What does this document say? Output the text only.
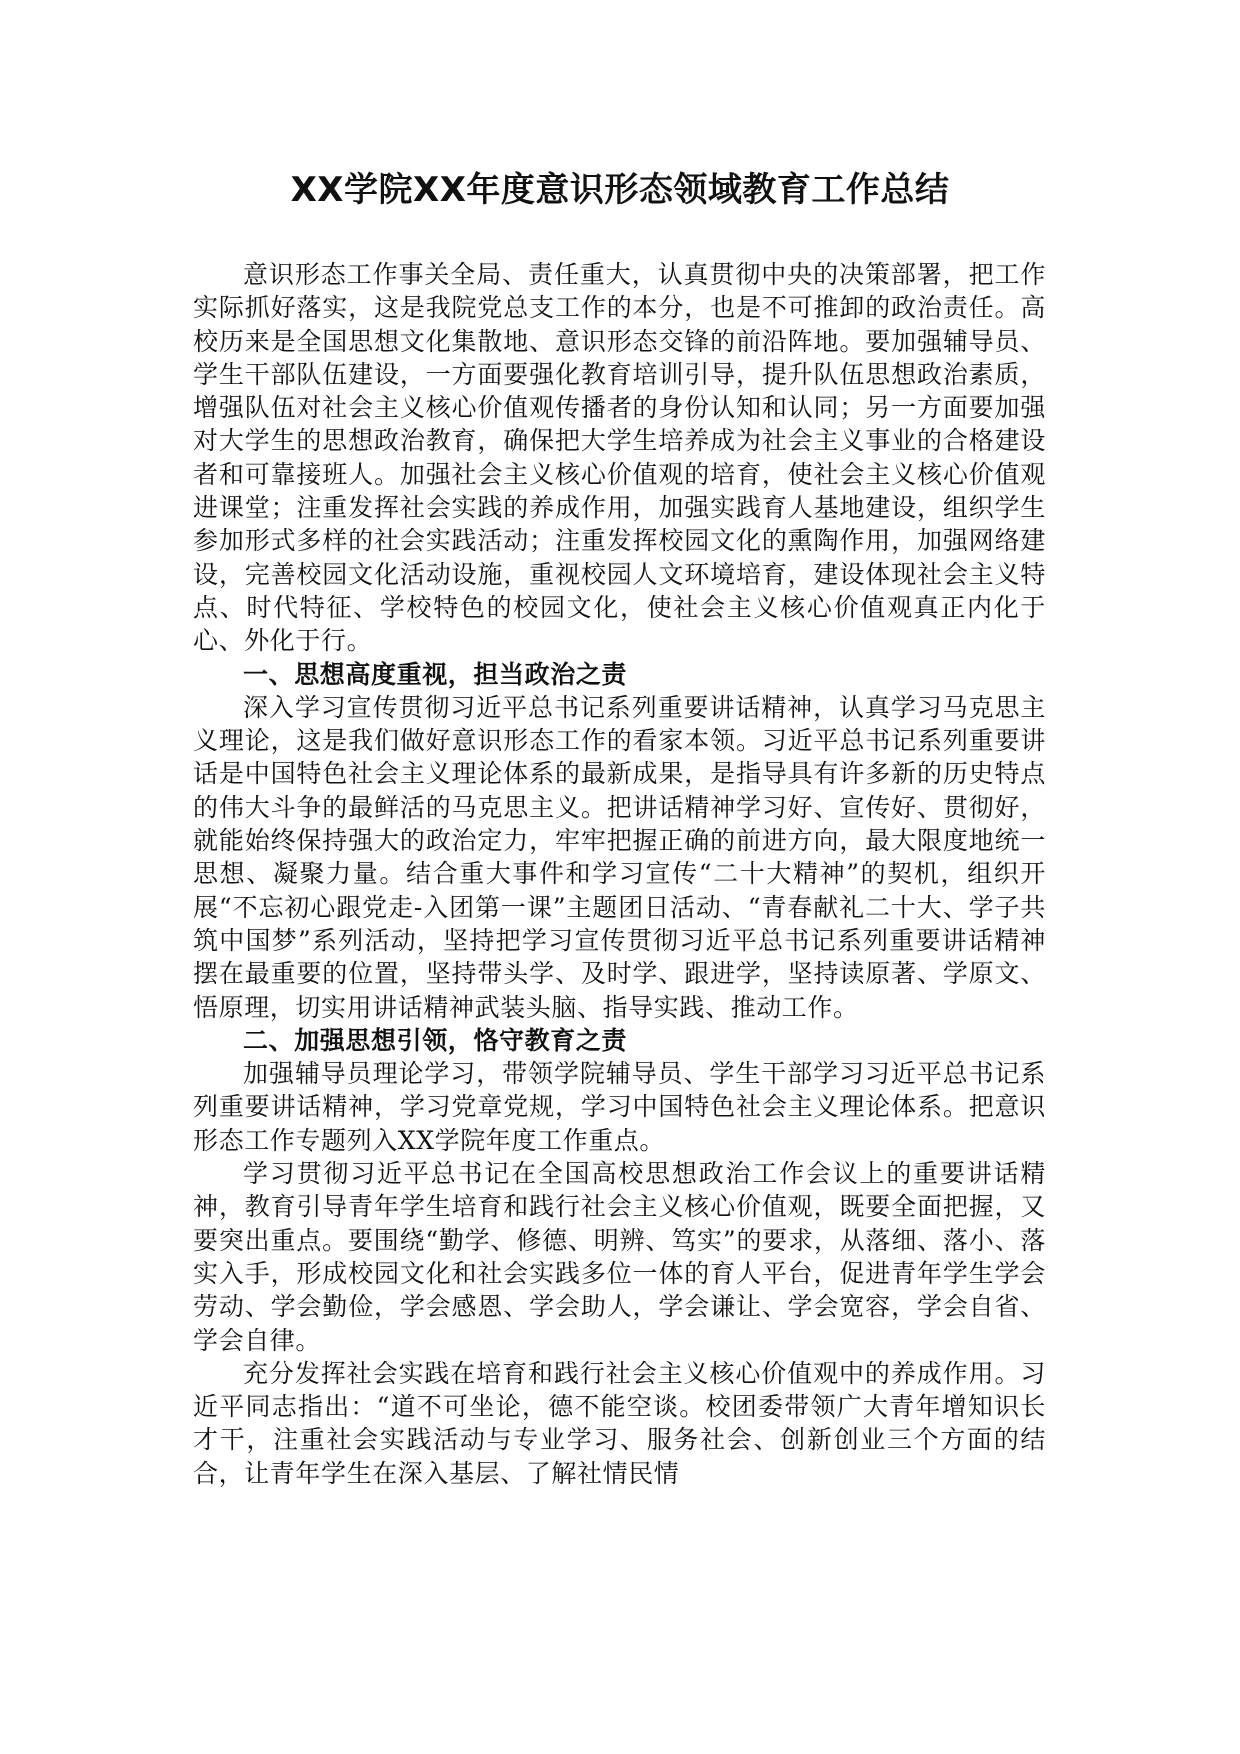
XX学院XX年度意识形态领域教育工作总结

意识形态工作事关全局、责任重大，认真贯彻中央的决策部署，把工作实际抓好落实，这是我院党总支工作的本分，也是不可推卸的政治责任。高校历来是全国思想文化集散地、意识形态交锋的前沿阵地。要加强辅导员、学生干部队伍建设，一方面要强化教育培训引导，提升队伍思想政治素质，增强队伍对社会主义核心价值观传播者的身份认知和认同；另一方面要加强对大学生的思想政治教育，确保把大学生培养成为社会主义事业的合格建设者和可靠接班人。加强社会主义核心价值观的培育，使社会主义核心价值观进课堂；注重发挥社会实践的养成作用，加强实践育人基地建设，组织学生参加形式多样的社会实践活动；注重发挥校园文化的熏陶作用，加强网络建设，完善校园文化活动设施，重视校园人文环境培育，建设体现社会主义特点、时代特征、学校特色的校园文化，使社会主义核心价值观真正内化于心、外化于行。

一、思想高度重视，担当政治之责

深入学习宣传贯彻习近平总书记系列重要讲话精神，认真学习马克思主义理论，这是我们做好意识形态工作的看家本领。习近平总书记系列重要讲话是中国特色社会主义理论体系的最新成果，是指导具有许多新的历史特点的伟大斗争的最鲜活的马克思主义。把讲话精神学习好、宣传好、贯彻好，就能始终保持强大的政治定力，牢牢把握正确的前进方向，最大限度地统一思想、凝聚力量。结合重大事件和学习宣传“二十大精神”的契机，组织开展“不忘初心跟党走-入团第一课”主题团日活动、“青春献礼二十大、学子共筑中国梦”系列活动，坚持把学习宣传贯彻习近平总书记系列重要讲话精神摆在最重要的位置，坚持带头学、及时学、跟进学，坚持读原著、学原文、悟原理，切实用讲话精神武装头脑、指导实践、推动工作。

二、加强思想引领，恪守教育之责

加强辅导员理论学习，带领学院辅导员、学生干部学习习近平总书记系列重要讲话精神，学习党章党规，学习中国特色社会主义理论体系。把意识形态工作专题列入XX学院年度工作重点。

学习贯彻习近平总书记在全国高校思想政治工作会议上的重要讲话精神，教育引导青年学生培育和践行社会主义核心价值观，既要全面把握，又要突出重点。要围绕“勤学、修德、明辨、笃实”的要求，从落细、落小、落实入手，形成校园文化和社会实践多位一体的育人平台，促进青年学生学会劳动、学会勤俭，学会感恩、学会助人，学会谦让、学会宽容，学会自省、学会自律。

充分发挥社会实践在培育和践行社会主义核心价值观中的养成作用。习近平同志指出：“道不可坐论，德不能空谈。校团委带领广大青年增知识长才干，注重社会实践活动与专业学习、服务社会、创新创业三个方面的结合，让青年学生在深入基层、了解社情民情
